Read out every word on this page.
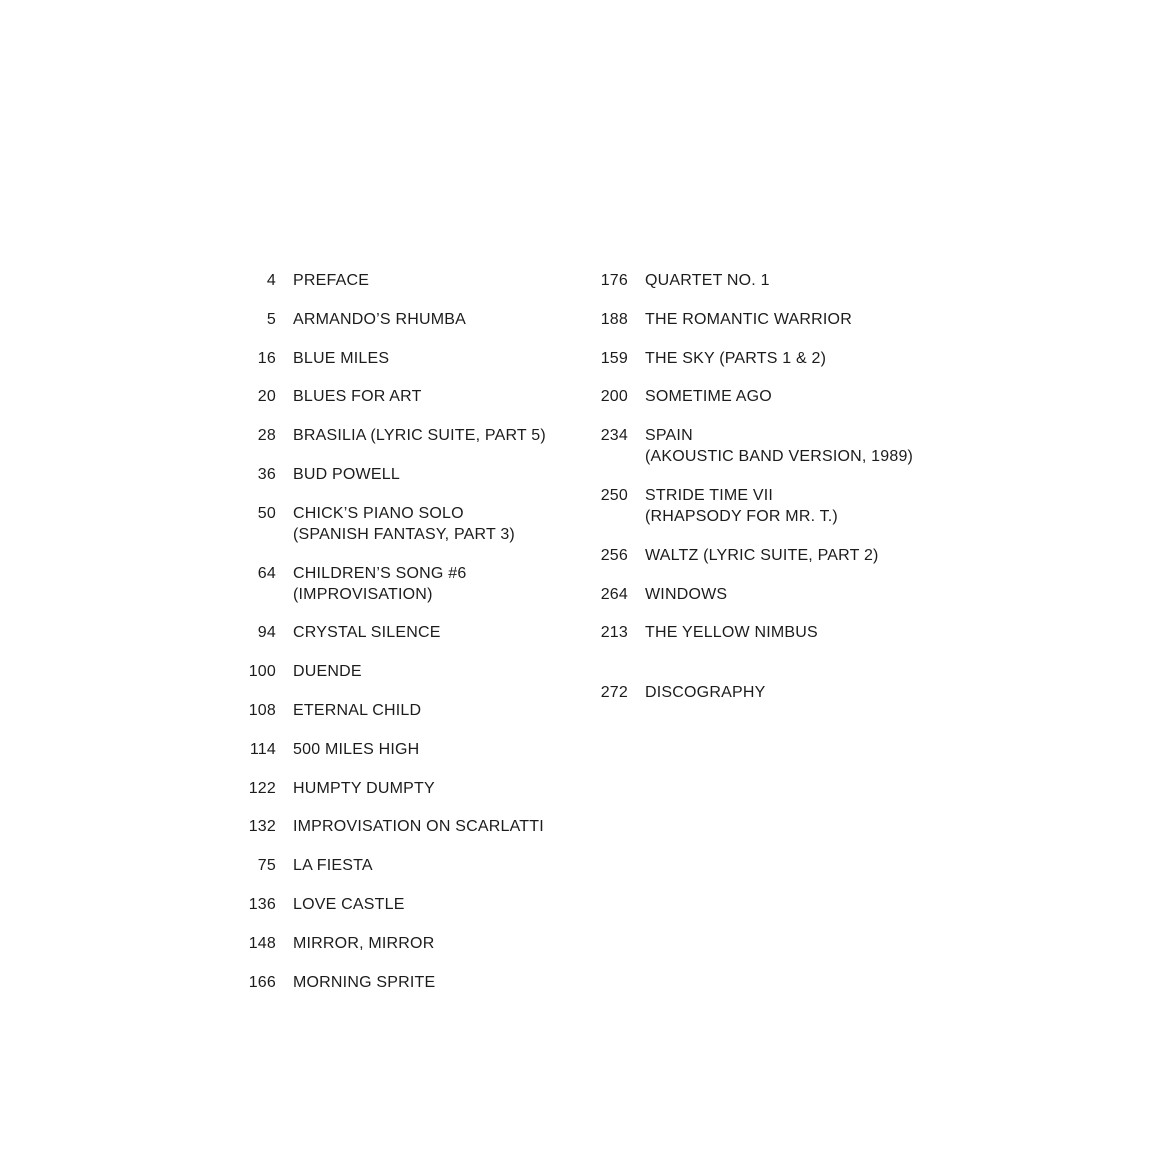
4 PREFACE
5 ARMANDO’S RHUMBA
16 BLUE MILES
20 BLUES FOR ART
28 BRASILIA (LYRIC SUITE, PART 5)
36 BUD POWELL
50 CHICK’S PIANO SOLO
(SPANISH FANTASY, PART 3)
64 CHILDREN’S SONG #6
(IMPROVISATION)
94 CRYSTAL SILENCE
100 DUENDE
108 ETERNAL CHILD
114 500 MILES HIGH
122 HUMPTY DUMPTY
132 IMPROVISATION ON SCARLATTI
75 LA FIESTA
136 LOVE CASTLE
148 MIRROR, MIRROR
166 MORNING SPRITE
176 QUARTET NO. 1
188 THE ROMANTIC WARRIOR
159 THE SKY (PARTS 1 & 2)
200 SOMETIME AGO
234 SPAIN
(AKOUSTIC BAND VERSION, 1989)
250 STRIDE TIME VII
(RHAPSODY FOR MR. T.)
256 WALTZ (LYRIC SUITE, PART 2)
264 WINDOWS
213 THE YELLOW NIMBUS
272 DISCOGRAPHY
